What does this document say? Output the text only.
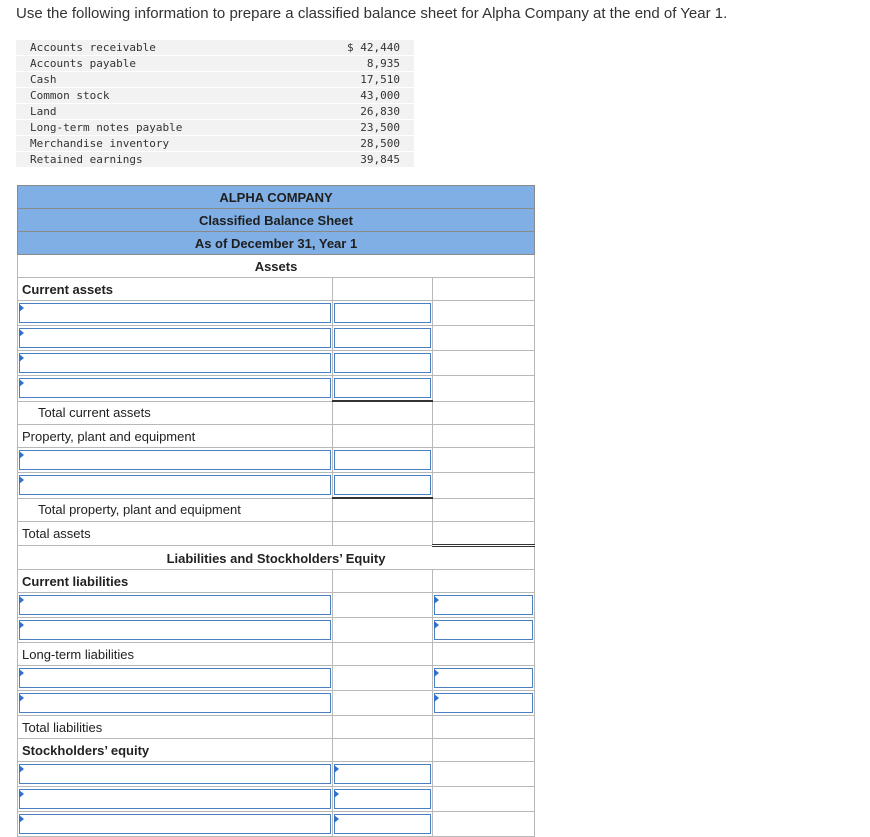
Use the following information to prepare a classified balance sheet for Alpha Company at the end of Year 1.

Accounts receivable	$ 42,440
Accounts payable	8,935
Cash	17,510
Common stock	43,000
Land	26,830
Long-term notes payable	23,500
Merchandise inventory	28,500
Retained earnings	39,845
ALPHA COMPANY		
Classified Balance Sheet		
As of December 31, Year 1		
Assets		
Current assets		

Total current assets		
Property, plant and equipment		

Total property, plant and equipment		
Total assets		
Liabilities and Stockholders’ Equity		
Current liabilities		

Long-term liabilities		

Total liabilities		
Stockholders’ equity		
